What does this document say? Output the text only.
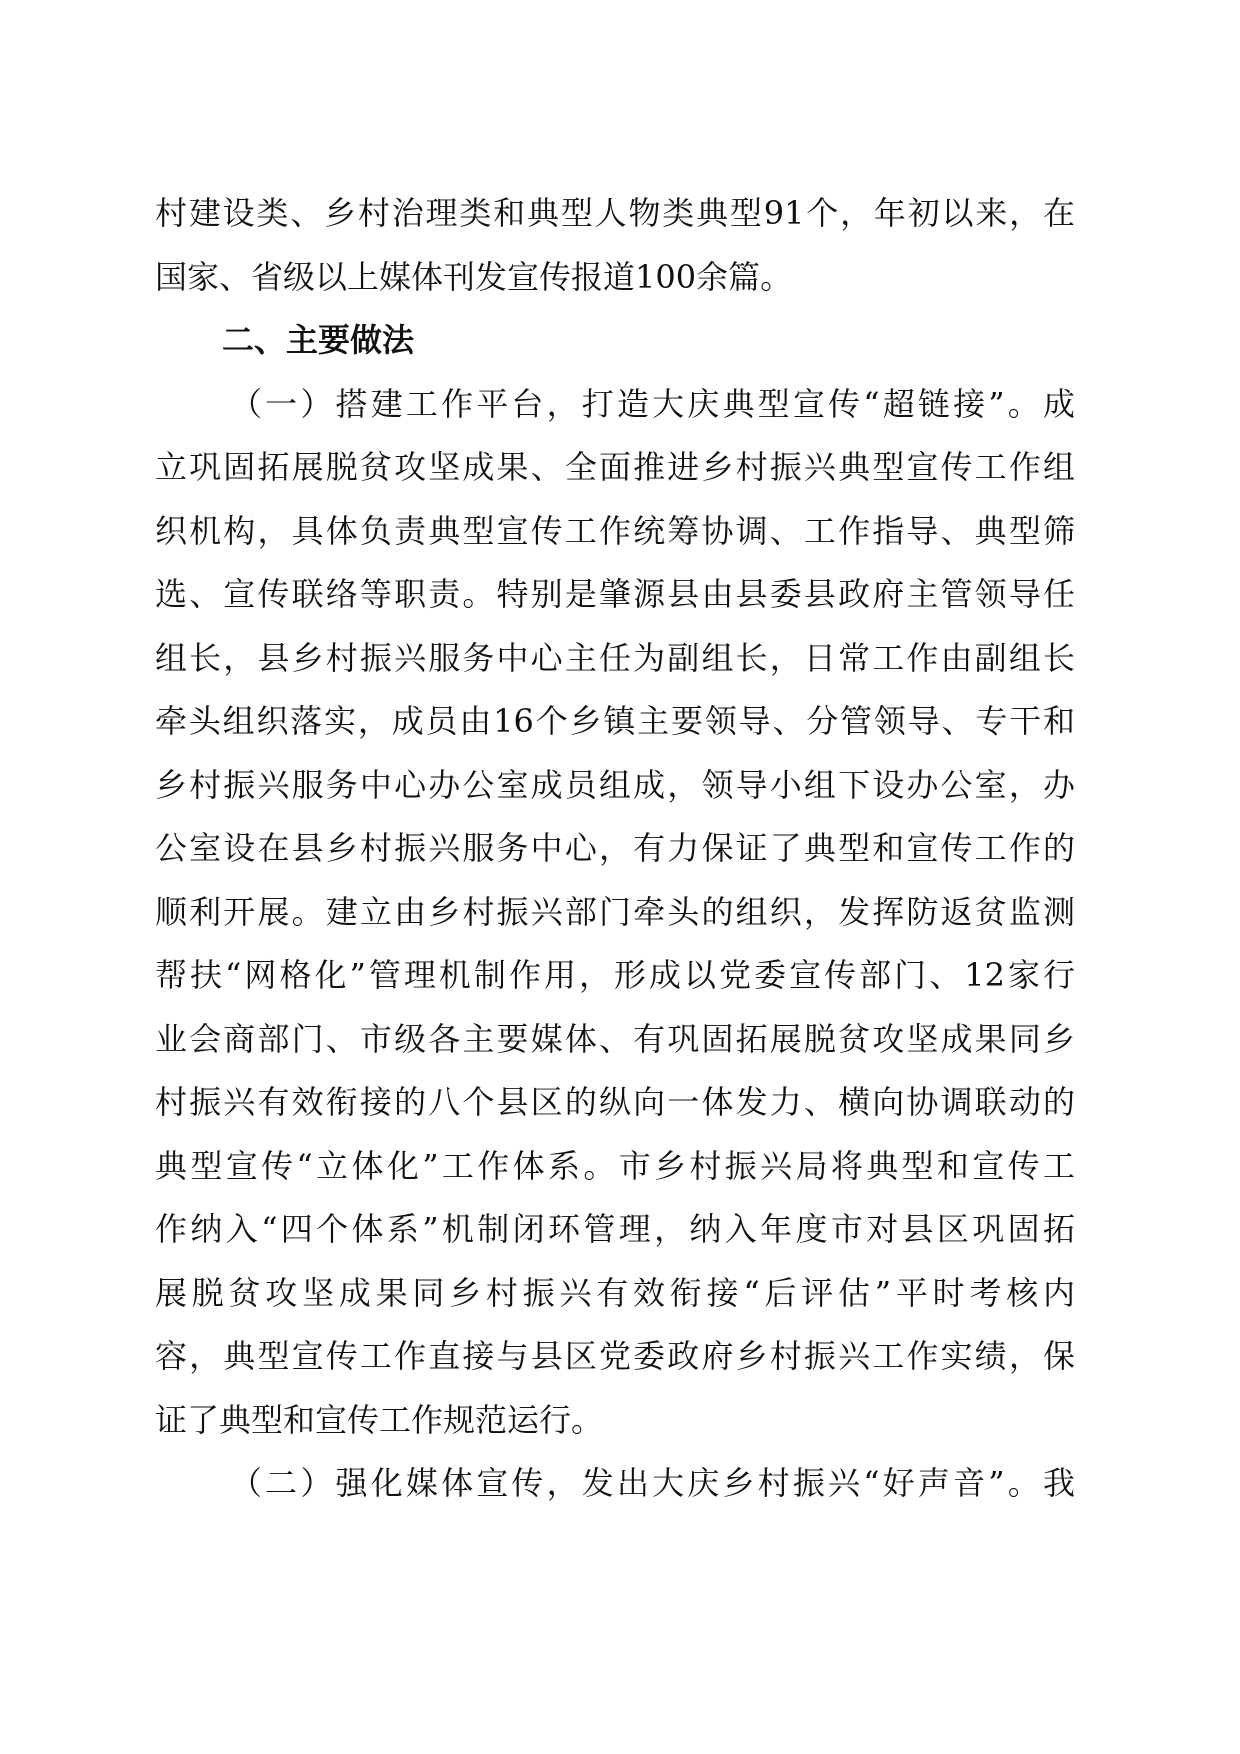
村建设类、乡村治理类和典型人物类典型91个，年初以来，在
国家、省级以上媒体刊发宣传报道100余篇。
二、主要做法
（一）搭建工作平台，打造大庆典型宣传“超链接”。成
立巩固拓展脱贫攻坚成果、全面推进乡村振兴典型宣传工作组
织机构，具体负责典型宣传工作统筹协调、工作指导、典型筛
选、宣传联络等职责。特别是肇源县由县委县政府主管领导任
组长，县乡村振兴服务中心主任为副组长，日常工作由副组长
牵头组织落实，成员由16个乡镇主要领导、分管领导、专干和
乡村振兴服务中心办公室成员组成，领导小组下设办公室，办
公室设在县乡村振兴服务中心，有力保证了典型和宣传工作的
顺利开展。建立由乡村振兴部门牵头的组织，发挥防返贫监测
帮扶“网格化”管理机制作用，形成以党委宣传部门、12家行
业会商部门、市级各主要媒体、有巩固拓展脱贫攻坚成果同乡
村振兴有效衔接的八个县区的纵向一体发力、横向协调联动的
典型宣传“立体化”工作体系。市乡村振兴局将典型和宣传工
作纳入“四个体系”机制闭环管理，纳入年度市对县区巩固拓
展脱贫攻坚成果同乡村振兴有效衔接“后评估”平时考核内
容，典型宣传工作直接与县区党委政府乡村振兴工作实绩，保
证了典型和宣传工作规范运行。
（二）强化媒体宣传，发出大庆乡村振兴“好声音”。我
